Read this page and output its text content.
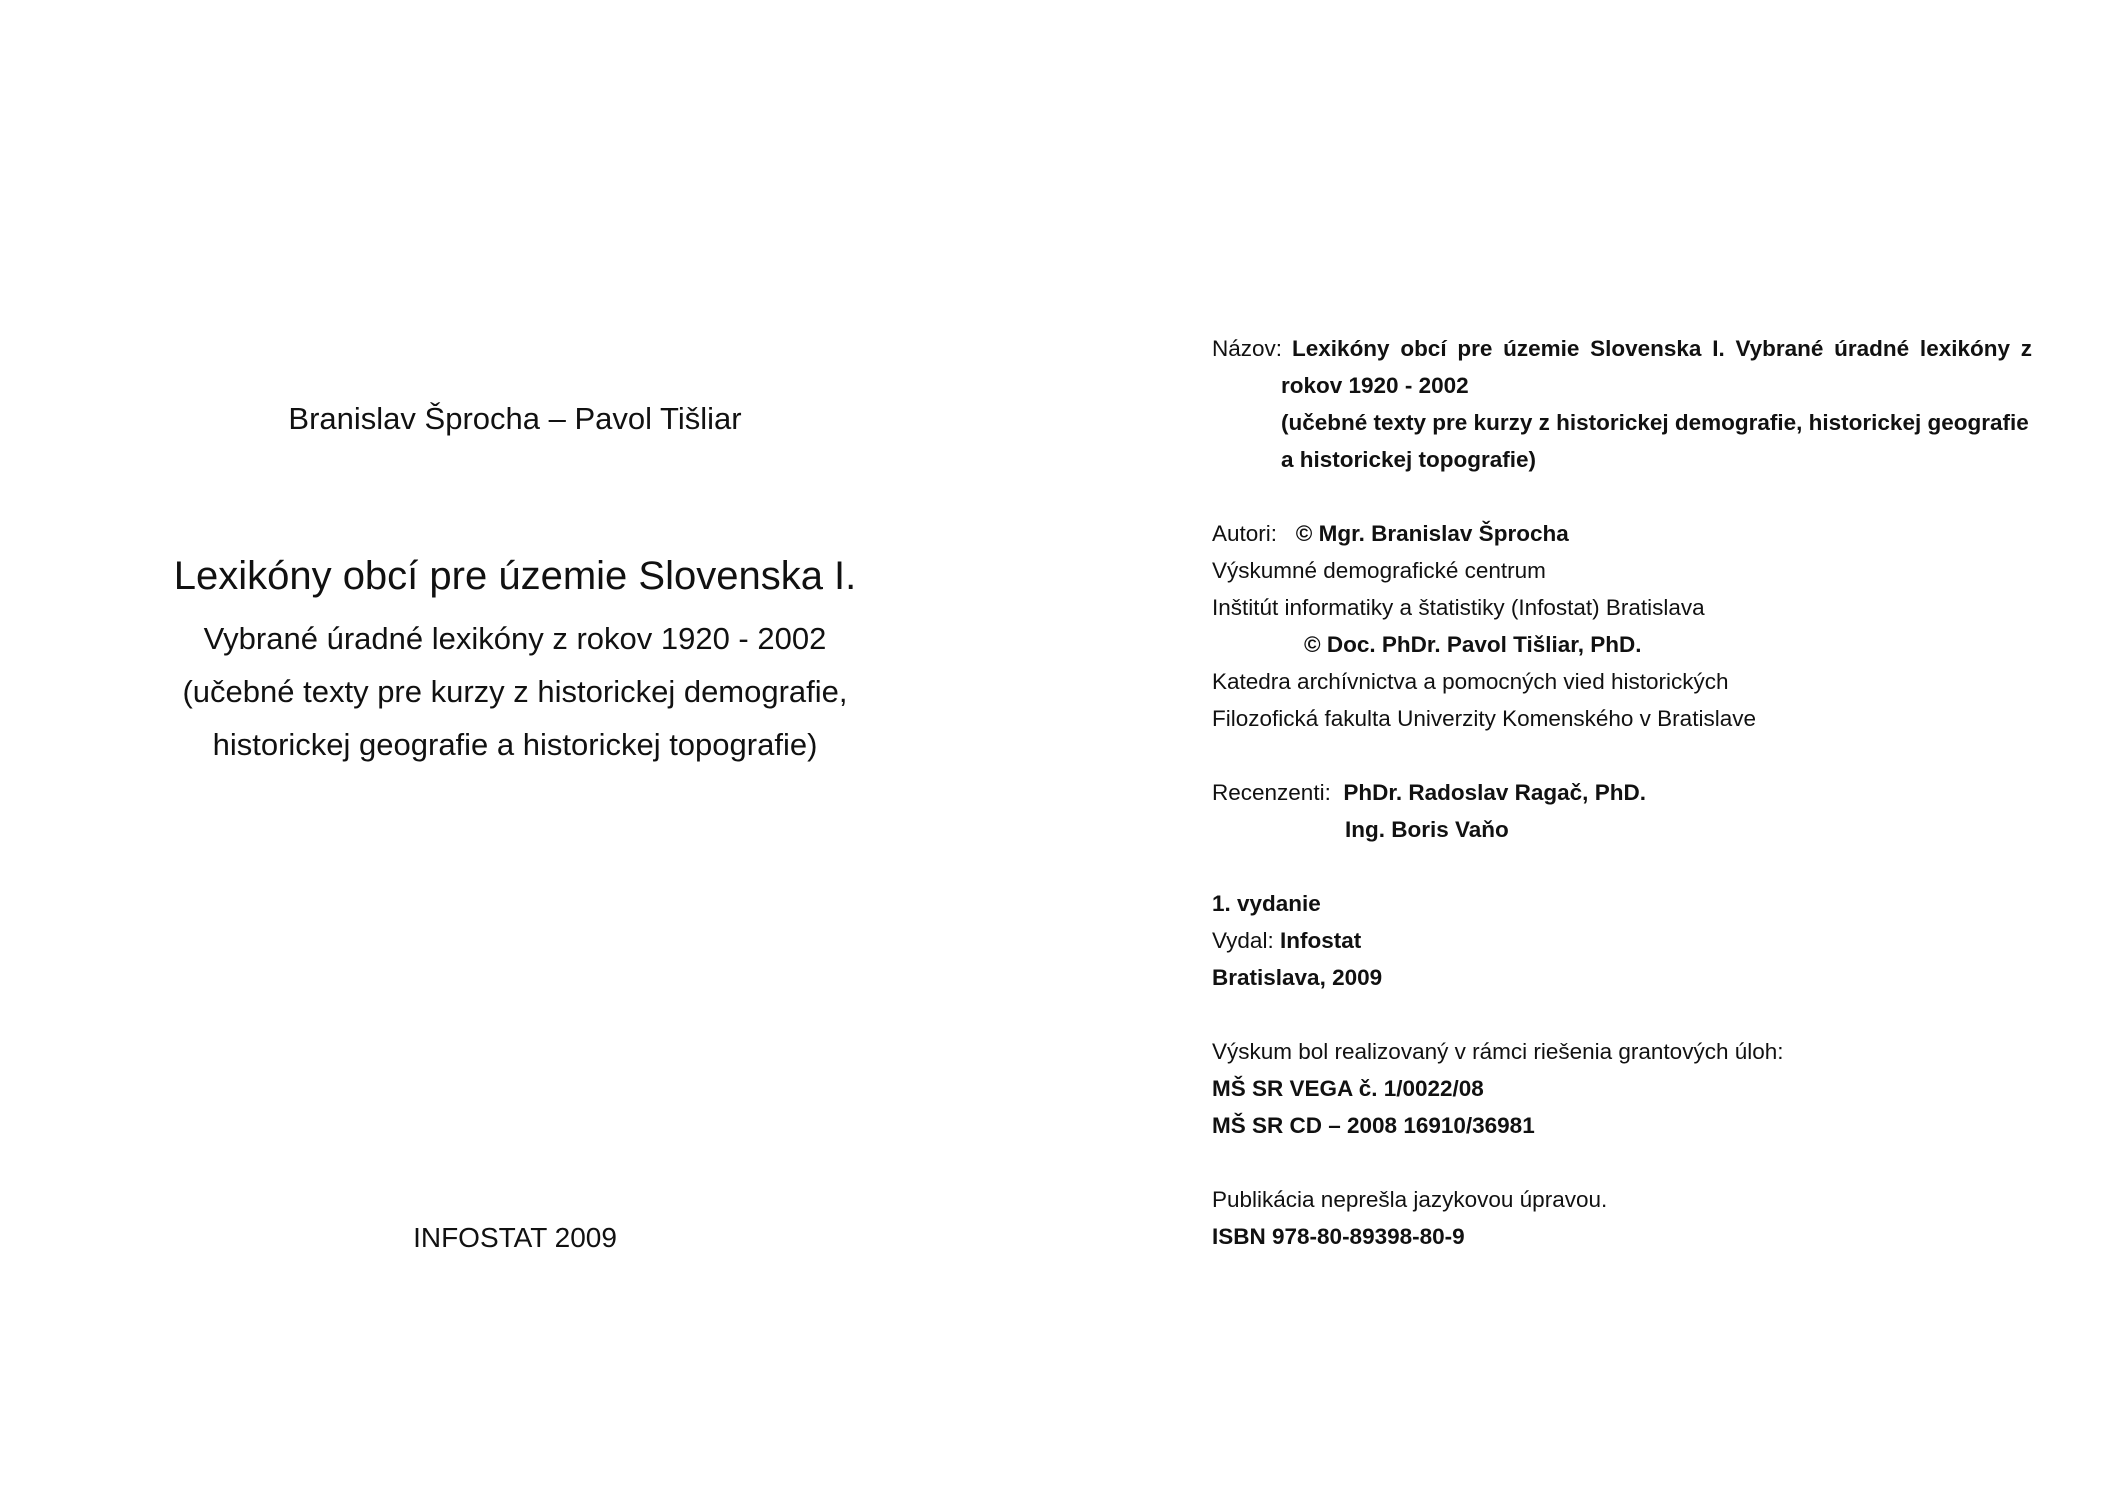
Branislav Šprocha – Pavol Tišliar
Lexikóny obcí pre územie Slovenska I.
Vybrané úradné lexikóny z rokov 1920 - 2002
(učebné texty pre kurzy z historickej demografie,
historickej geografie a historickej topografie)
INFOSTAT 2009
Názov: Lexikóny obcí pre územie Slovenska I. Vybrané úradné lexikóny z
rokov 1920 - 2002
(učebné texty pre kurzy z historickej demografie, historickej geografie
a historickej topografie)
Autori: © Mgr. Branislav Šprocha
Výskumné demografické centrum
Inštitút informatiky a štatistiky (Infostat) Bratislava
© Doc. PhDr. Pavol Tišliar, PhD.
Katedra archívnictva a pomocných vied historických
Filozofická fakulta Univerzity Komenského v Bratislave
Recenzenti: PhDr. Radoslav Ragač, PhD.
Ing. Boris Vaňo
1. vydanie
Vydal: Infostat
Bratislava, 2009
Výskum bol realizovaný v rámci riešenia grantových úloh:
MŠ SR VEGA č. 1/0022/08
MŠ SR CD – 2008 16910/36981
Publikácia neprešla jazykovou úpravou.
ISBN 978-80-89398-80-9
